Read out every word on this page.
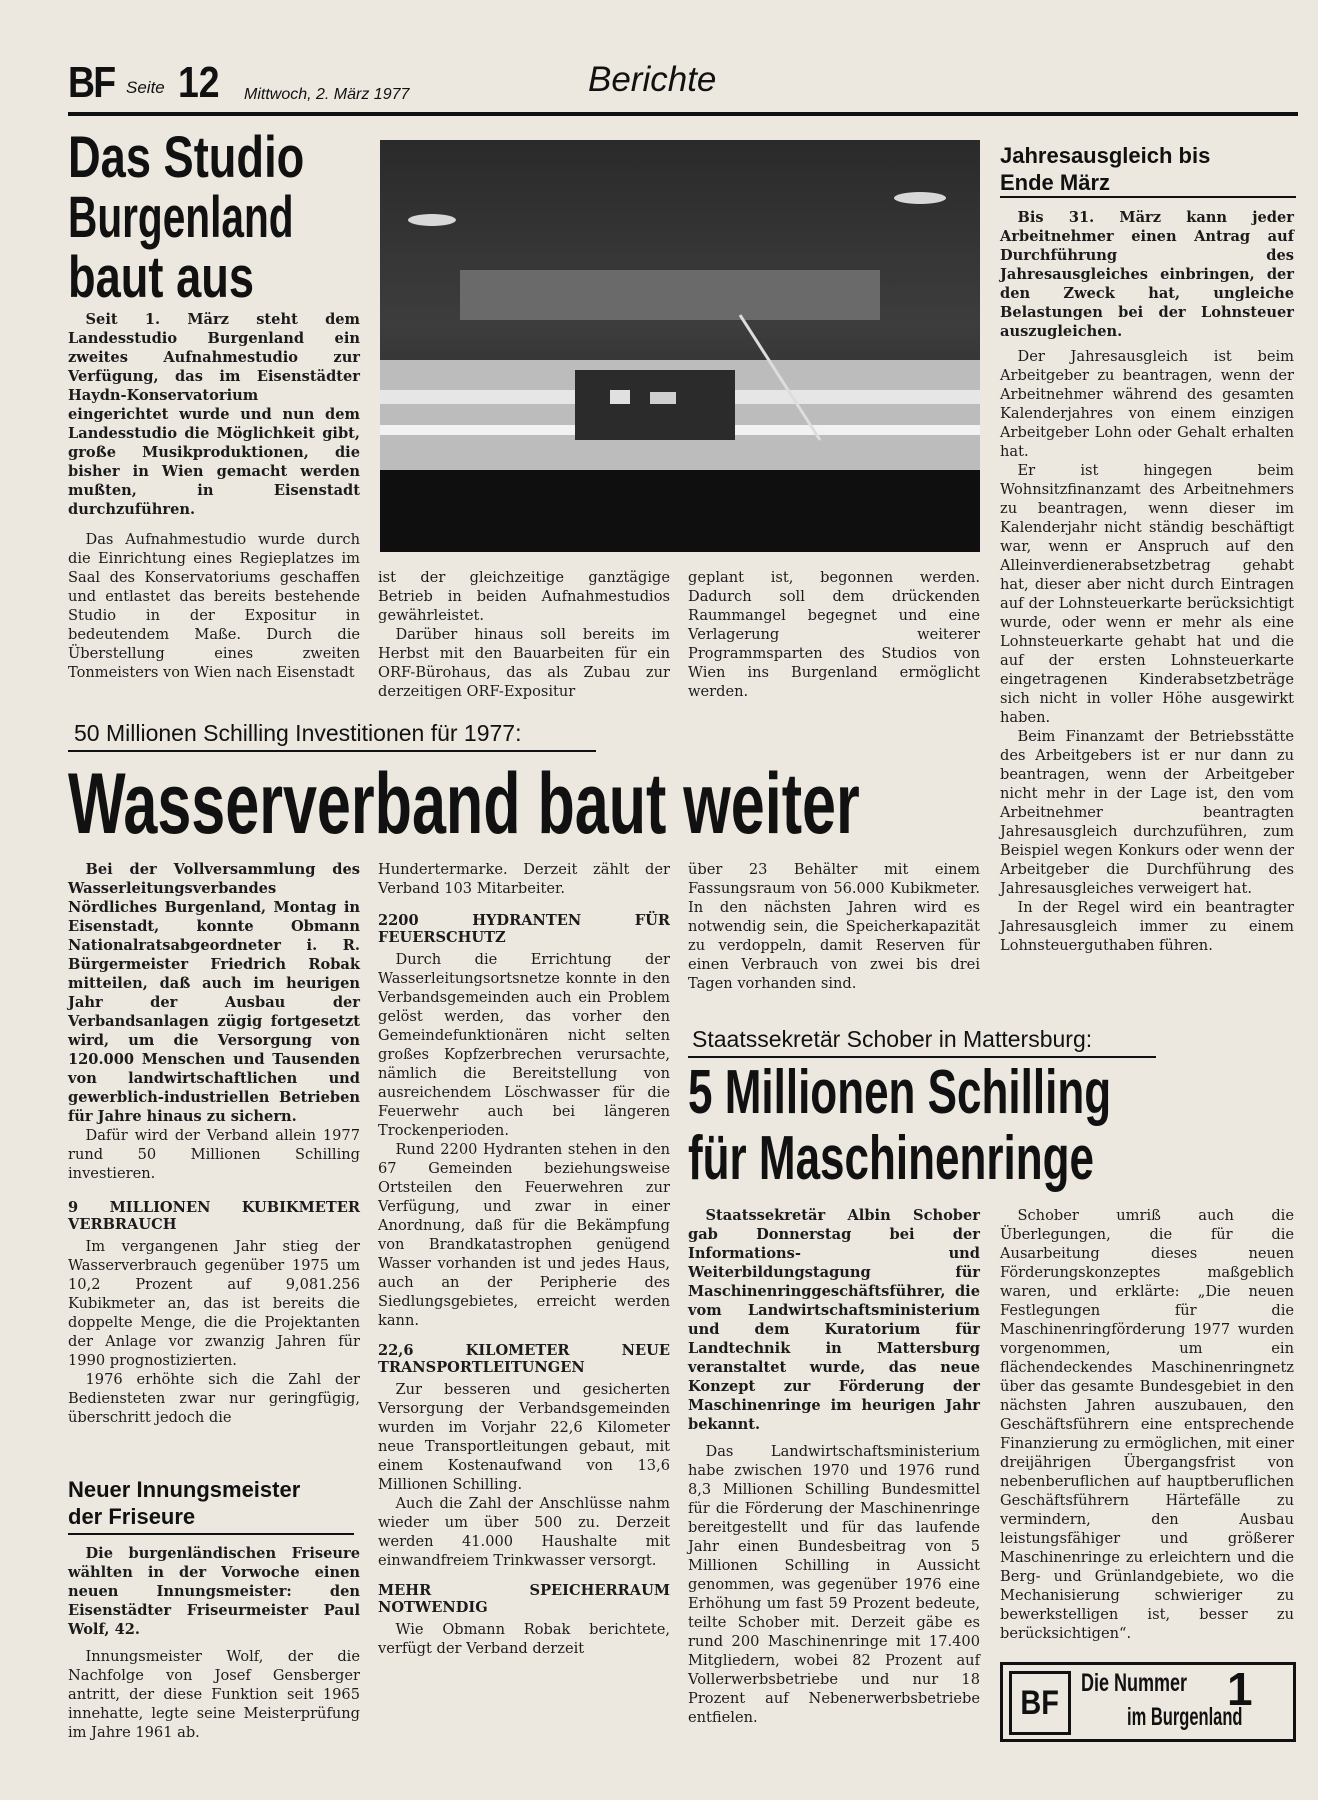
BF Seite 12 Mittwoch, 2. März 1977	Berichte
Das Studio
Burgenland
baut aus

Seit 1. März steht dem Landesstudio Burgenland ein zweites Aufnahmestudio zur Verfügung, das im Eisenstädter Haydn-Konservatorium eingerichtet wurde und nun dem Landesstudio die Möglichkeit gibt, große Musikproduktionen, die bisher in Wien gemacht werden mußten, in Eisenstadt durchzuführen.

Das Aufnahmestudio wurde durch die Einrichtung eines Regieplatzes im Saal des Konservatoriums geschaffen und entlastet das bereits bestehende Studio in der Expositur in bedeutendem Maße. Durch die Überstellung eines zweiten Tonmeisters von Wien nach Eisenstadt

ist der gleichzeitige ganztägige Betrieb in beiden Aufnahmestudios gewährleistet.

Darüber hinaus soll bereits im Herbst mit den Bauarbeiten für ein ORF-Bürohaus, das als Zubau zur derzeitigen ORF-Expositur

geplant ist, begonnen werden. Dadurch soll dem drückenden Raummangel begegnet und eine Verlagerung weiterer Programmsparten des Studios von Wien ins Burgenland ermöglicht werden.

Jahresausgleich bis
Ende März

Bis 31. März kann jeder Arbeitnehmer einen Antrag auf Durchführung des Jahresausgleiches einbringen, der den Zweck hat, ungleiche Belastungen bei der Lohnsteuer auszugleichen.

Der Jahresausgleich ist beim Arbeitgeber zu beantragen, wenn der Arbeitnehmer während des gesamten Kalenderjahres von einem einzigen Arbeitgeber Lohn oder Gehalt erhalten hat.

Er ist hingegen beim Wohnsitzfinanzamt des Arbeitnehmers zu beantragen, wenn dieser im Kalenderjahr nicht ständig beschäftigt war, wenn er Anspruch auf den Alleinverdienerabsetzbetrag gehabt hat, dieser aber nicht durch Eintragen auf der Lohnsteuerkarte berücksichtigt wurde, oder wenn er mehr als eine Lohnsteuerkarte gehabt hat und die auf der ersten Lohnsteuerkarte eingetragenen Kinderabsetzbeträge sich nicht in voller Höhe ausgewirkt haben.

Beim Finanzamt der Betriebsstätte des Arbeitgebers ist er nur dann zu beantragen, wenn der Arbeitgeber nicht mehr in der Lage ist, den vom Arbeitnehmer beantragten Jahresausgleich durchzuführen, zum Beispiel wegen Konkurs oder wenn der Arbeitgeber die Durchführung des Jahresausgleiches verweigert hat.

In der Regel wird ein beantragter Jahresausgleich immer zu einem Lohnsteuerguthaben führen.

50 Millionen Schilling Investitionen für 1977:
Wasserverband baut weiter

Bei der Vollversammlung des Wasserleitungsverbandes Nördliches Burgenland, Montag in Eisenstadt, konnte Obmann Nationalratsabgeordneter i. R. Bürgermeister Friedrich Robak mitteilen, daß auch im heurigen Jahr der Ausbau der Verbandsanlagen zügig fortgesetzt wird, um die Versorgung von 120.000 Menschen und Tausenden von landwirtschaftlichen und gewerblich-industriellen Betrieben für Jahre hinaus zu sichern.

Dafür wird der Verband allein 1977 rund 50 Millionen Schilling investieren.

9 MILLIONEN KUBIKMETER VERBRAUCH

Im vergangenen Jahr stieg der Wasserverbrauch gegenüber 1975 um 10,2 Prozent auf 9,081.256 Kubikmeter an, das ist bereits die doppelte Menge, die die Projektanten der Anlage vor zwanzig Jahren für 1990 prognostizierten.

1976 erhöhte sich die Zahl der Bediensteten zwar nur geringfügig, überschritt jedoch die

Hundertermarke. Derzeit zählt der Verband 103 Mitarbeiter.

2200 HYDRANTEN FÜR FEUERSCHUTZ

Durch die Errichtung der Wasserleitungsortsnetze konnte in den Verbandsgemeinden auch ein Problem gelöst werden, das vorher den Gemeindefunktionären nicht selten großes Kopfzerbrechen verursachte, nämlich die Bereitstellung von ausreichendem Löschwasser für die Feuerwehr auch bei längeren Trockenperioden.

Rund 2200 Hydranten stehen in den 67 Gemeinden beziehungsweise Ortsteilen den Feuerwehren zur Verfügung, und zwar in einer Anordnung, daß für die Bekämpfung von Brandkatastrophen genügend Wasser vorhanden ist und jedes Haus, auch an der Peripherie des Siedlungsgebietes, erreicht werden kann.

22,6 KILOMETER NEUE TRANSPORTLEITUNGEN

Zur besseren und gesicherten Versorgung der Verbandsgemeinden wurden im Vorjahr 22,6 Kilometer neue Transportleitungen gebaut, mit einem Kostenaufwand von 13,6 Millionen Schilling.

Auch die Zahl der Anschlüsse nahm wieder um über 500 zu. Derzeit werden 41.000 Haushalte mit einwandfreiem Trinkwasser versorgt.

MEHR SPEICHERRAUM NOTWENDIG

Wie Obmann Robak berichtete, verfügt der Verband derzeit

über 23 Behälter mit einem Fassungsraum von 56.000 Kubikmeter. In den nächsten Jahren wird es notwendig sein, die Speicherkapazität zu verdoppeln, damit Reserven für einen Verbrauch von zwei bis drei Tagen vorhanden sind.

Neuer Innungsmeister
der Friseure

Die burgenländischen Friseure wählten in der Vorwoche einen neuen Innungsmeister: den Eisenstädter Friseurmeister Paul Wolf, 42.

Innungsmeister Wolf, der die Nachfolge von Josef Gensberger antritt, der diese Funktion seit 1965 innehatte, legte seine Meisterprüfung im Jahre 1961 ab.

Staatssekretär Schober in Mattersburg:
5 Millionen Schilling
für Maschinenringe

Staatssekretär Albin Schober gab Donnerstag bei der Informations- und Weiterbildungstagung für Maschinenringgeschäftsführer, die vom Landwirtschaftsministerium und dem Kuratorium für Landtechnik in Mattersburg veranstaltet wurde, das neue Konzept zur Förderung der Maschinenringe im heurigen Jahr bekannt.

Das Landwirtschaftsministerium habe zwischen 1970 und 1976 rund 8,3 Millionen Schilling Bundesmittel für die Förderung der Maschinenringe bereitgestellt und für das laufende Jahr einen Bundesbeitrag von 5 Millionen Schilling in Aussicht genommen, was gegenüber 1976 eine Erhöhung um fast 59 Prozent bedeute, teilte Schober mit. Derzeit gäbe es rund 200 Maschinenringe mit 17.400 Mitgliedern, wobei 82 Prozent auf Vollerwerbsbetriebe und nur 18 Prozent auf Nebenerwerbsbetriebe entfielen.

Schober umriß auch die Überlegungen, die für die Ausarbeitung dieses neuen Förderungskonzeptes maßgeblich waren, und erklärte: „Die neuen Festlegungen für die Maschinenringförderung 1977 wurden vorgenommen, um ein flächendeckendes Maschinenringnetz über das gesamte Bundesgebiet in den nächsten Jahren auszubauen, den Geschäftsführern eine entsprechende Finanzierung zu ermöglichen, mit einer dreijährigen Übergangsfrist von nebenberuflichen auf hauptberuflichen Geschäftsführern Härtefälle zu vermindern, den Ausbau leistungsfähiger und größerer Maschinenringe zu erleichtern und die Berg- und Grünlandgebiete, wo die Mechanisierung schwieriger zu bewerkstelligen ist, besser zu berücksichtigen“.

BF
Die Nummer 1
im Burgenland
